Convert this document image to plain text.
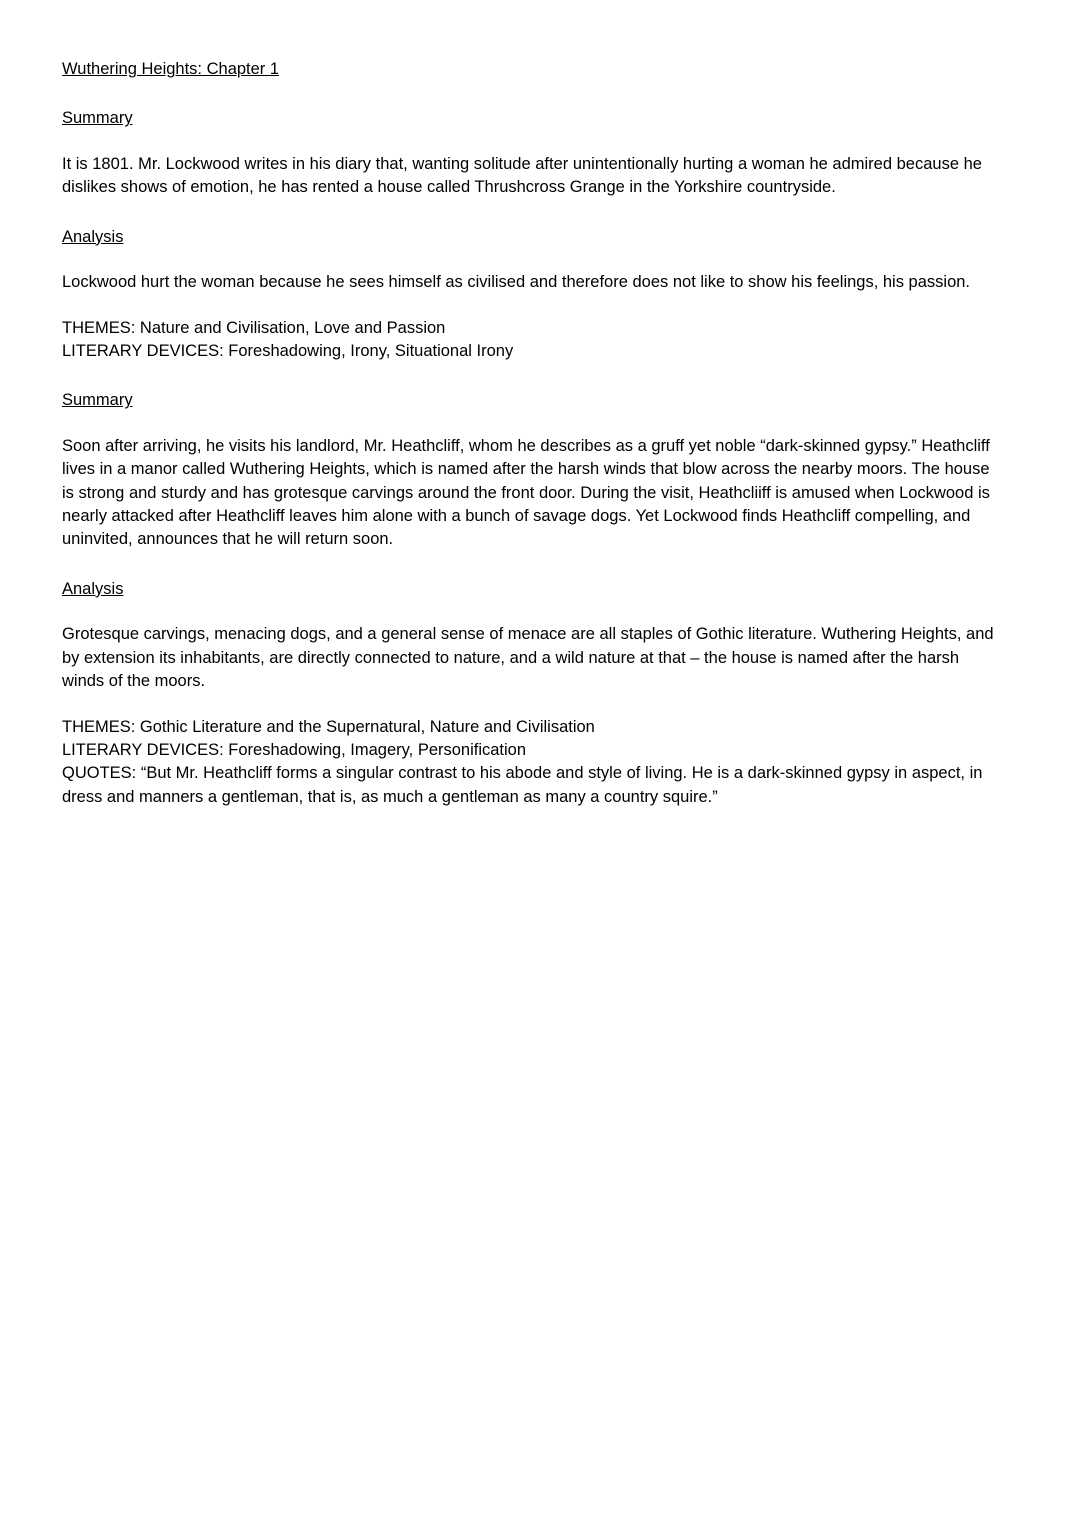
Wuthering Heights: Chapter 1

Summary

It is 1801. Mr. Lockwood writes in his diary that, wanting solitude after unintentionally hurting a woman he admired because he dislikes shows of emotion, he has rented a house called Thrushcross Grange in the Yorkshire countryside.

Analysis

Lockwood hurt the woman because he sees himself as civilised and therefore does not like to show his feelings, his passion.

THEMES: Nature and Civilisation, Love and Passion

LITERARY DEVICES: Foreshadowing, Irony, Situational Irony

Summary

Soon after arriving, he visits his landlord, Mr. Heathcliff, whom he describes as a gruff yet noble “dark-skinned gypsy.” Heathcliff lives in a manor called Wuthering Heights, which is named after the harsh winds that blow across the nearby moors. The house is strong and sturdy and has grotesque carvings around the front door. During the visit, Heathcliiff is amused when Lockwood is nearly attacked after Heathcliff leaves him alone with a bunch of savage dogs. Yet Lockwood finds Heathcliff compelling, and uninvited, announces that he will return soon.

Analysis

Grotesque carvings, menacing dogs, and a general sense of menace are all staples of Gothic literature. Wuthering Heights, and by extension its inhabitants, are directly connected to nature, and a wild nature at that – the house is named after the harsh winds of the moors.

THEMES: Gothic Literature and the Supernatural, Nature and Civilisation

LITERARY DEVICES: Foreshadowing, Imagery, Personification

QUOTES: “But Mr. Heathcliff forms a singular contrast to his abode and style of living. He is a dark-skinned gypsy in aspect, in dress and manners a gentleman, that is, as much a gentleman as many a country squire.”
